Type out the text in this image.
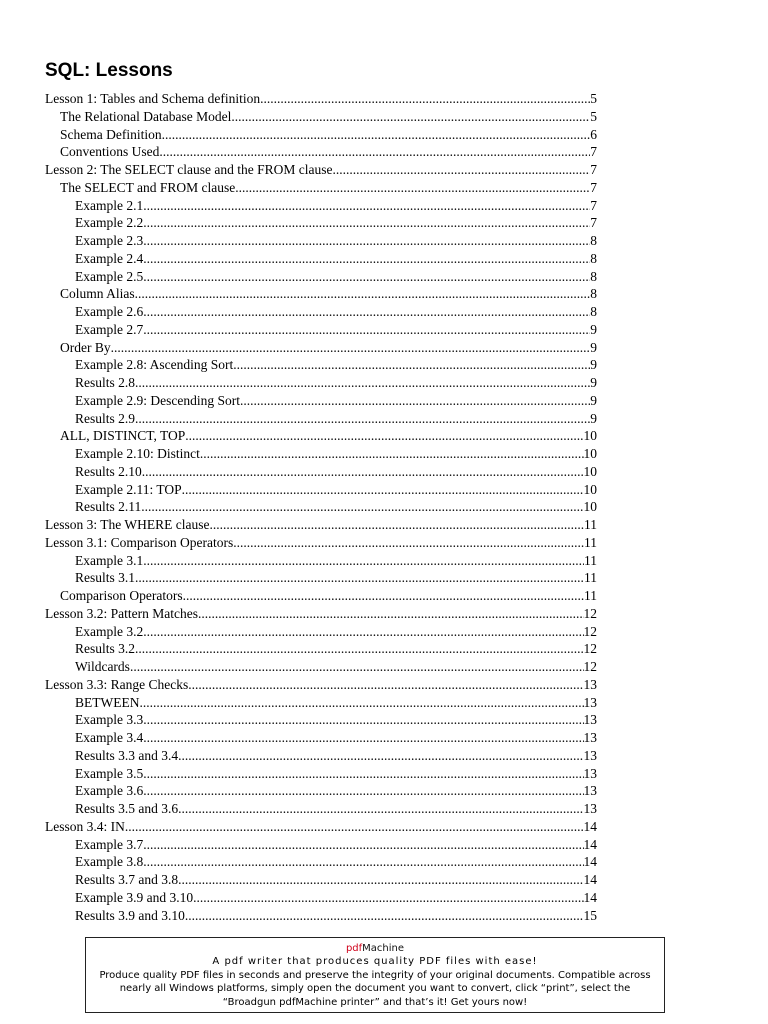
SQL: Lessons
Lesson 1: Tables and Schema definition .....	5
The Relational Database Model .....	5
Schema Definition .....	6
Conventions Used .....	7
Lesson 2: The SELECT clause and the FROM clause .....	7
The SELECT and FROM clause .....	7
Example 2.1 .....	7
Example 2.2 .....	7
Example 2.3 .....	8
Example 2.4 .....	8
Example 2.5 .....	8
Column Alias .....	8
Example 2.6 .....	8
Example 2.7 .....	9
Order By .....	9
Example 2.8: Ascending Sort .....	9
Results 2.8 .....	9
Example 2.9: Descending Sort .....	9
Results 2.9 .....	9
ALL, DISTINCT, TOP .....	10
Example 2.10: Distinct .....	10
Results 2.10 .....	10
Example 2.11: TOP .....	10
Results 2.11 .....	10
Lesson 3: The WHERE clause .....	11
Lesson 3.1: Comparison Operators .....	11
Example 3.1 .....	11
Results 3.1 .....	11
Comparison Operators .....	11
Lesson 3.2: Pattern Matches .....	12
Example 3.2 .....	12
Results 3.2 .....	12
Wildcards .....	12
Lesson 3.3: Range Checks .....	13
BETWEEN .....	13
Example 3.3 .....	13
Example 3.4 .....	13
Results 3.3 and 3.4 .....	13
Example 3.5 .....	13
Example 3.6 .....	13
Results 3.5 and 3.6 .....	13
Lesson 3.4: IN .....	14
Example 3.7 .....	14
Example 3.8 .....	14
Results 3.7 and 3.8 .....	14
Example 3.9 and 3.10 .....	14
Results 3.9 and 3.10 .....	15
pdfMachine
A pdf writer that produces quality PDF files with ease!
Produce quality PDF files in seconds and preserve the integrity of your original documents. Compatible across nearly all Windows platforms, simply open the document you want to convert, click “print”, select the “Broadgun pdfMachine printer” and that’s it! Get yours now!
